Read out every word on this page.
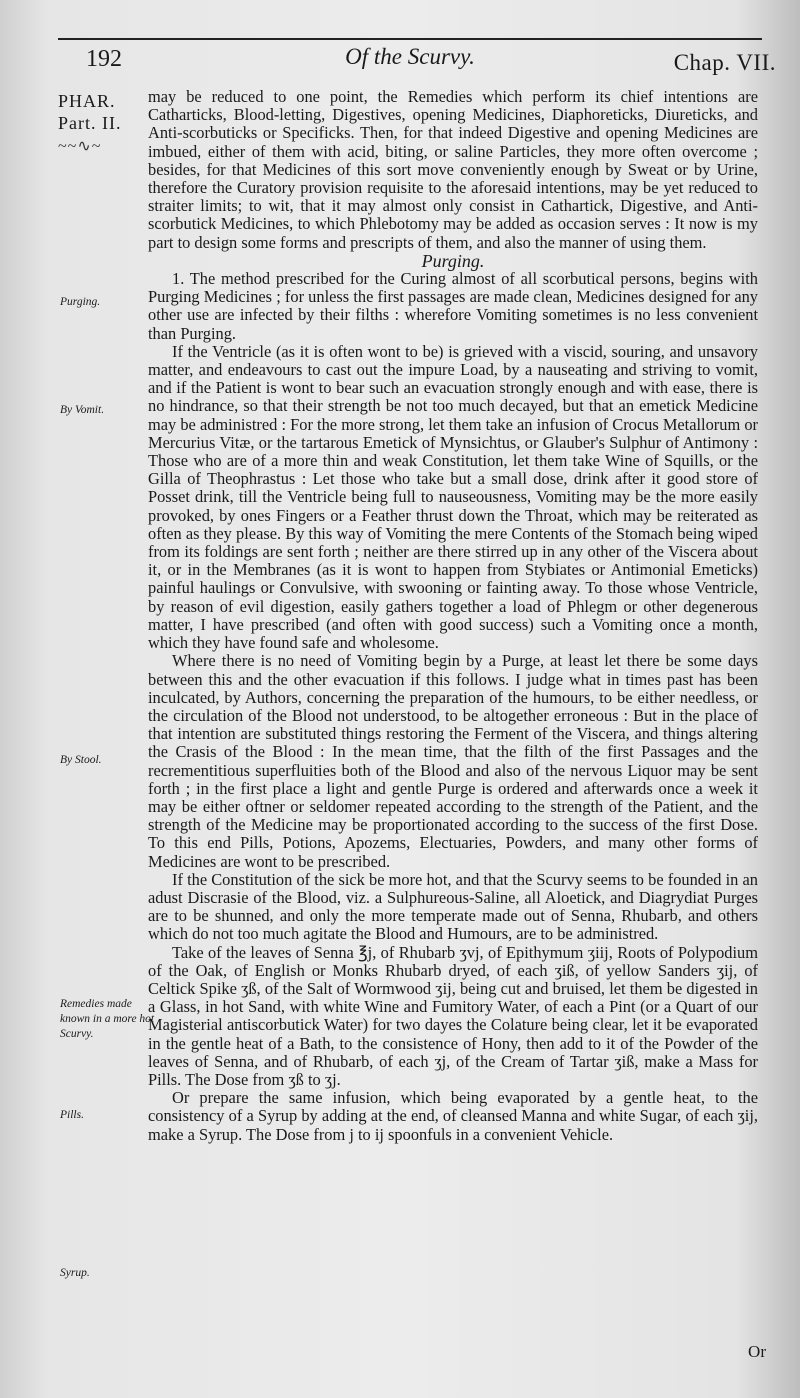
192	Of the Scurvy.	Chap. VII.
PHAR.
Part. II.
~~∿~
Purging.
By Vomit.
By Stool.
Remedies made known in a more hot Scurvy.
Pills.
Syrup.

may be reduced to one point, the Remedies which perform its chief intentions are Catharticks, Blood-letting, Digestives, opening Medicines, Diaphoreticks, Diureticks, and Anti-scorbuticks or Specificks. Then, for that indeed Digestive and opening Medicines are imbued, either of them with acid, biting, or saline Particles, they more often overcome ; besides, for that Medicines of this sort move conveniently enough by Sweat or by Urine, therefore the Curatory provision requisite to the aforesaid intentions, may be yet reduced to straiter limits; to wit, that it may almost only consist in Cathartick, Digestive, and Anti-scorbutick Medicines, to which Phlebotomy may be added as occasion serves : It now is my part to design some forms and prescripts of them, and also the manner of using them.

Purging.

1. The method prescribed for the Curing almost of all scorbutical persons, begins with Purging Medicines ; for unless the first passages are made clean, Medicines designed for any other use are infected by their filths : wherefore Vomiting sometimes is no less convenient than Purging.

If the Ventricle (as it is often wont to be) is grieved with a viscid, souring, and unsavory matter, and endeavours to cast out the impure Load, by a nauseating and striving to vomit, and if the Patient is wont to bear such an evacuation strongly enough and with ease, there is no hindrance, so that their strength be not too much decayed, but that an emetick Medicine may be administred : For the more strong, let them take an infusion of Crocus Metallorum or Mercurius Vitæ, or the tartarous Emetick of Mynsichtus, or Glauber's Sulphur of Antimony : Those who are of a more thin and weak Constitution, let them take Wine of Squills, or the Gilla of Theophrastus : Let those who take but a small dose, drink after it good store of Posset drink, till the Ventricle being full to nauseousness, Vomiting may be the more easily provoked, by ones Fingers or a Feather thrust down the Throat, which may be reiterated as often as they please. By this way of Vomiting the mere Contents of the Stomach being wiped from its foldings are sent forth ; neither are there stirred up in any other of the Viscera about it, or in the Membranes (as it is wont to happen from Stybiates or Antimonial Emeticks) painful haulings or Convulsive, with swooning or fainting away. To those whose Ventricle, by reason of evil digestion, easily gathers together a load of Phlegm or other degenerous matter, I have prescribed (and often with good success) such a Vomiting once a month, which they have found safe and wholesome.

Where there is no need of Vomiting begin by a Purge, at least let there be some days between this and the other evacuation if this follows. I judge what in times past has been inculcated, by Authors, concerning the preparation of the humours, to be either needless, or the circulation of the Blood not understood, to be altogether erroneous : But in the place of that intention are substituted things restoring the Ferment of the Viscera, and things altering the Crasis of the Blood : In the mean time, that the filth of the first Passages and the recrementitious superfluities both of the Blood and also of the nervous Liquor may be sent forth ; in the first place a light and gentle Purge is ordered and afterwards once a week it may be either oftner or seldomer repeated according to the strength of the Patient, and the strength of the Medicine may be proportionated according to the success of the first Dose. To this end Pills, Potions, Apozems, Electuaries, Powders, and many other forms of Medicines are wont to be prescribed.

If the Constitution of the sick be more hot, and that the Scurvy seems to be founded in an adust Discrasie of the Blood, viz. a Sulphureous-Saline, all Aloetick, and Diagrydiat Purges are to be shunned, and only the more temperate made out of Senna, Rhubarb, and others which do not too much agitate the Blood and Humours, are to be administred.

Take of the leaves of Senna ℥j, of Rhubarb ʒvj, of Epithymum ʒiij, Roots of Polypodium of the Oak, of English or Monks Rhubarb dryed, of each ʒiß, of yellow Sanders ʒij, of Celtick Spike ʒß, of the Salt of Wormwood ʒij, being cut and bruised, let them be digested in a Glass, in hot Sand, with white Wine and Fumitory Water, of each a Pint (or a Quart of our Magisterial antiscorbutick Water) for two dayes the Colature being clear, let it be evaporated in the gentle heat of a Bath, to the consistence of Hony, then add to it of the Powder of the leaves of Senna, and of Rhubarb, of each ʒj, of the Cream of Tartar ʒiß, make a Mass for Pills. The Dose from ʒß to ʒj.

Or prepare the same infusion, which being evaporated by a gentle heat, to the consistency of a Syrup by adding at the end, of cleansed Manna and white Sugar, of each ʒij, make a Syrup. The Dose from j to ij spoonfuls in a convenient Vehicle.

Or
